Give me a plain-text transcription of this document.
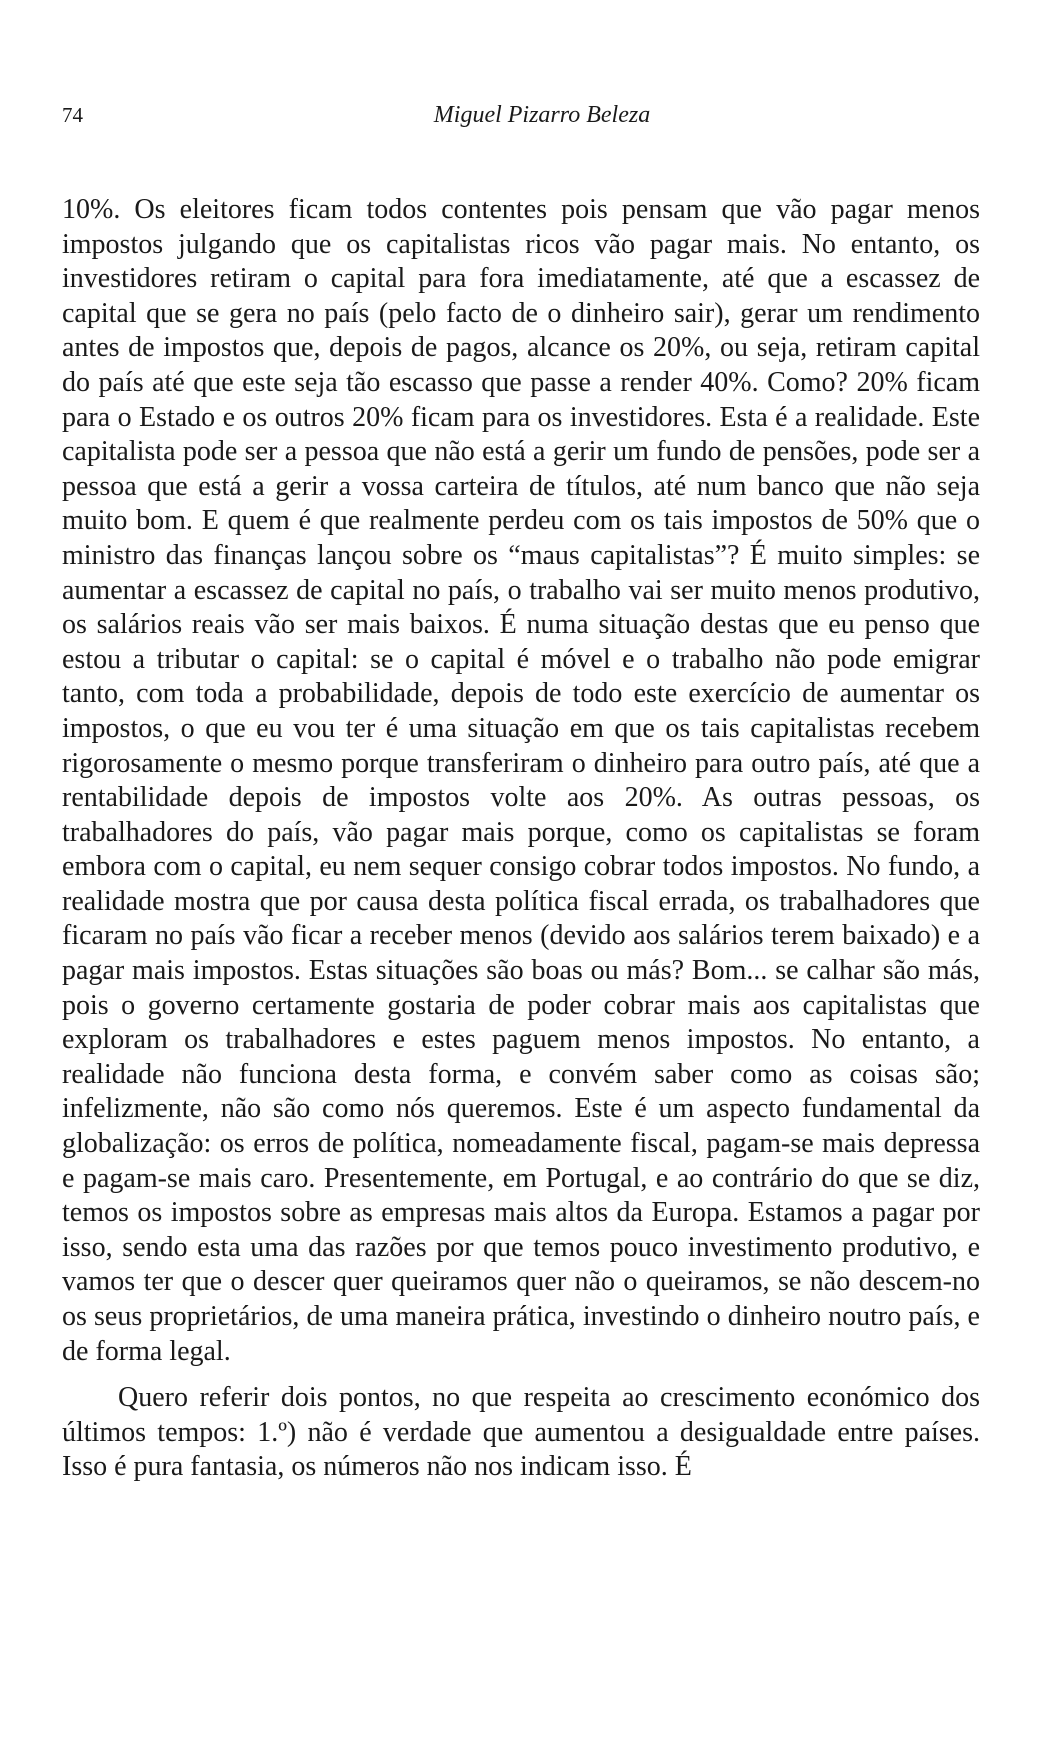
74	Miguel Pizarro Beleza

10%. Os eleitores ficam todos contentes pois pensam que vão pagar menos impostos julgando que os capitalistas ricos vão pagar mais. No entanto, os investidores retiram o capital para fora imediatamente, até que a escassez de capital que se gera no país (pelo facto de o dinheiro sair), gerar um rendimento antes de impostos que, depois de pagos, alcance os 20%, ou seja, retiram capital do país até que este seja tão escasso que passe a render 40%. Como? 20% ficam para o Estado e os outros 20% ficam para os investidores. Esta é a realidade. Este capitalista pode ser a pessoa que não está a gerir um fundo de pensões, pode ser a pessoa que está a gerir a vossa carteira de títulos, até num banco que não seja muito bom. E quem é que realmente perdeu com os tais impostos de 50% que o ministro das finanças lançou sobre os “maus capitalistas”? É muito simples: se aumentar a escassez de capital no país, o trabalho vai ser muito menos produtivo, os salários reais vão ser mais baixos. É numa situação destas que eu penso que estou a tributar o capital: se o capital é móvel e o trabalho não pode emigrar tanto, com toda a probabilidade, depois de todo este exercício de aumentar os impostos, o que eu vou ter é uma situação em que os tais capitalistas recebem rigorosamente o mesmo porque transferiram o dinheiro para outro país, até que a rentabilidade depois de impostos volte aos 20%. As outras pessoas, os trabalhadores do país, vão pagar mais porque, como os capitalistas se foram embora com o capital, eu nem sequer consigo cobrar todos impostos. No fundo, a realidade mostra que por causa desta política fiscal errada, os trabalhadores que ficaram no país vão ficar a receber menos (devido aos salários terem baixado) e a pagar mais impostos. Estas situações são boas ou más? Bom... se calhar são más, pois o governo certamente gostaria de poder cobrar mais aos capitalistas que exploram os trabalhadores e estes paguem menos impostos. No entanto, a realidade não funciona desta forma, e convém saber como as coisas são; infelizmente, não são como nós queremos. Este é um aspecto fundamental da globalização: os erros de política, nomeadamente fiscal, pagam-se mais depressa e pagam-se mais caro. Presentemente, em Portugal, e ao contrário do que se diz, temos os impostos sobre as empresas mais altos da Europa. Estamos a pagar por isso, sendo esta uma das razões por que temos pouco investimento produtivo, e vamos ter que o descer quer queiramos quer não o queiramos, se não descem-no os seus proprietários, de uma maneira prática, investindo o dinheiro noutro país, e de forma legal.

Quero referir dois pontos, no que respeita ao crescimento económico dos últimos tempos: 1.º) não é verdade que aumentou a desigualdade entre países. Isso é pura fantasia, os números não nos indicam isso. É
